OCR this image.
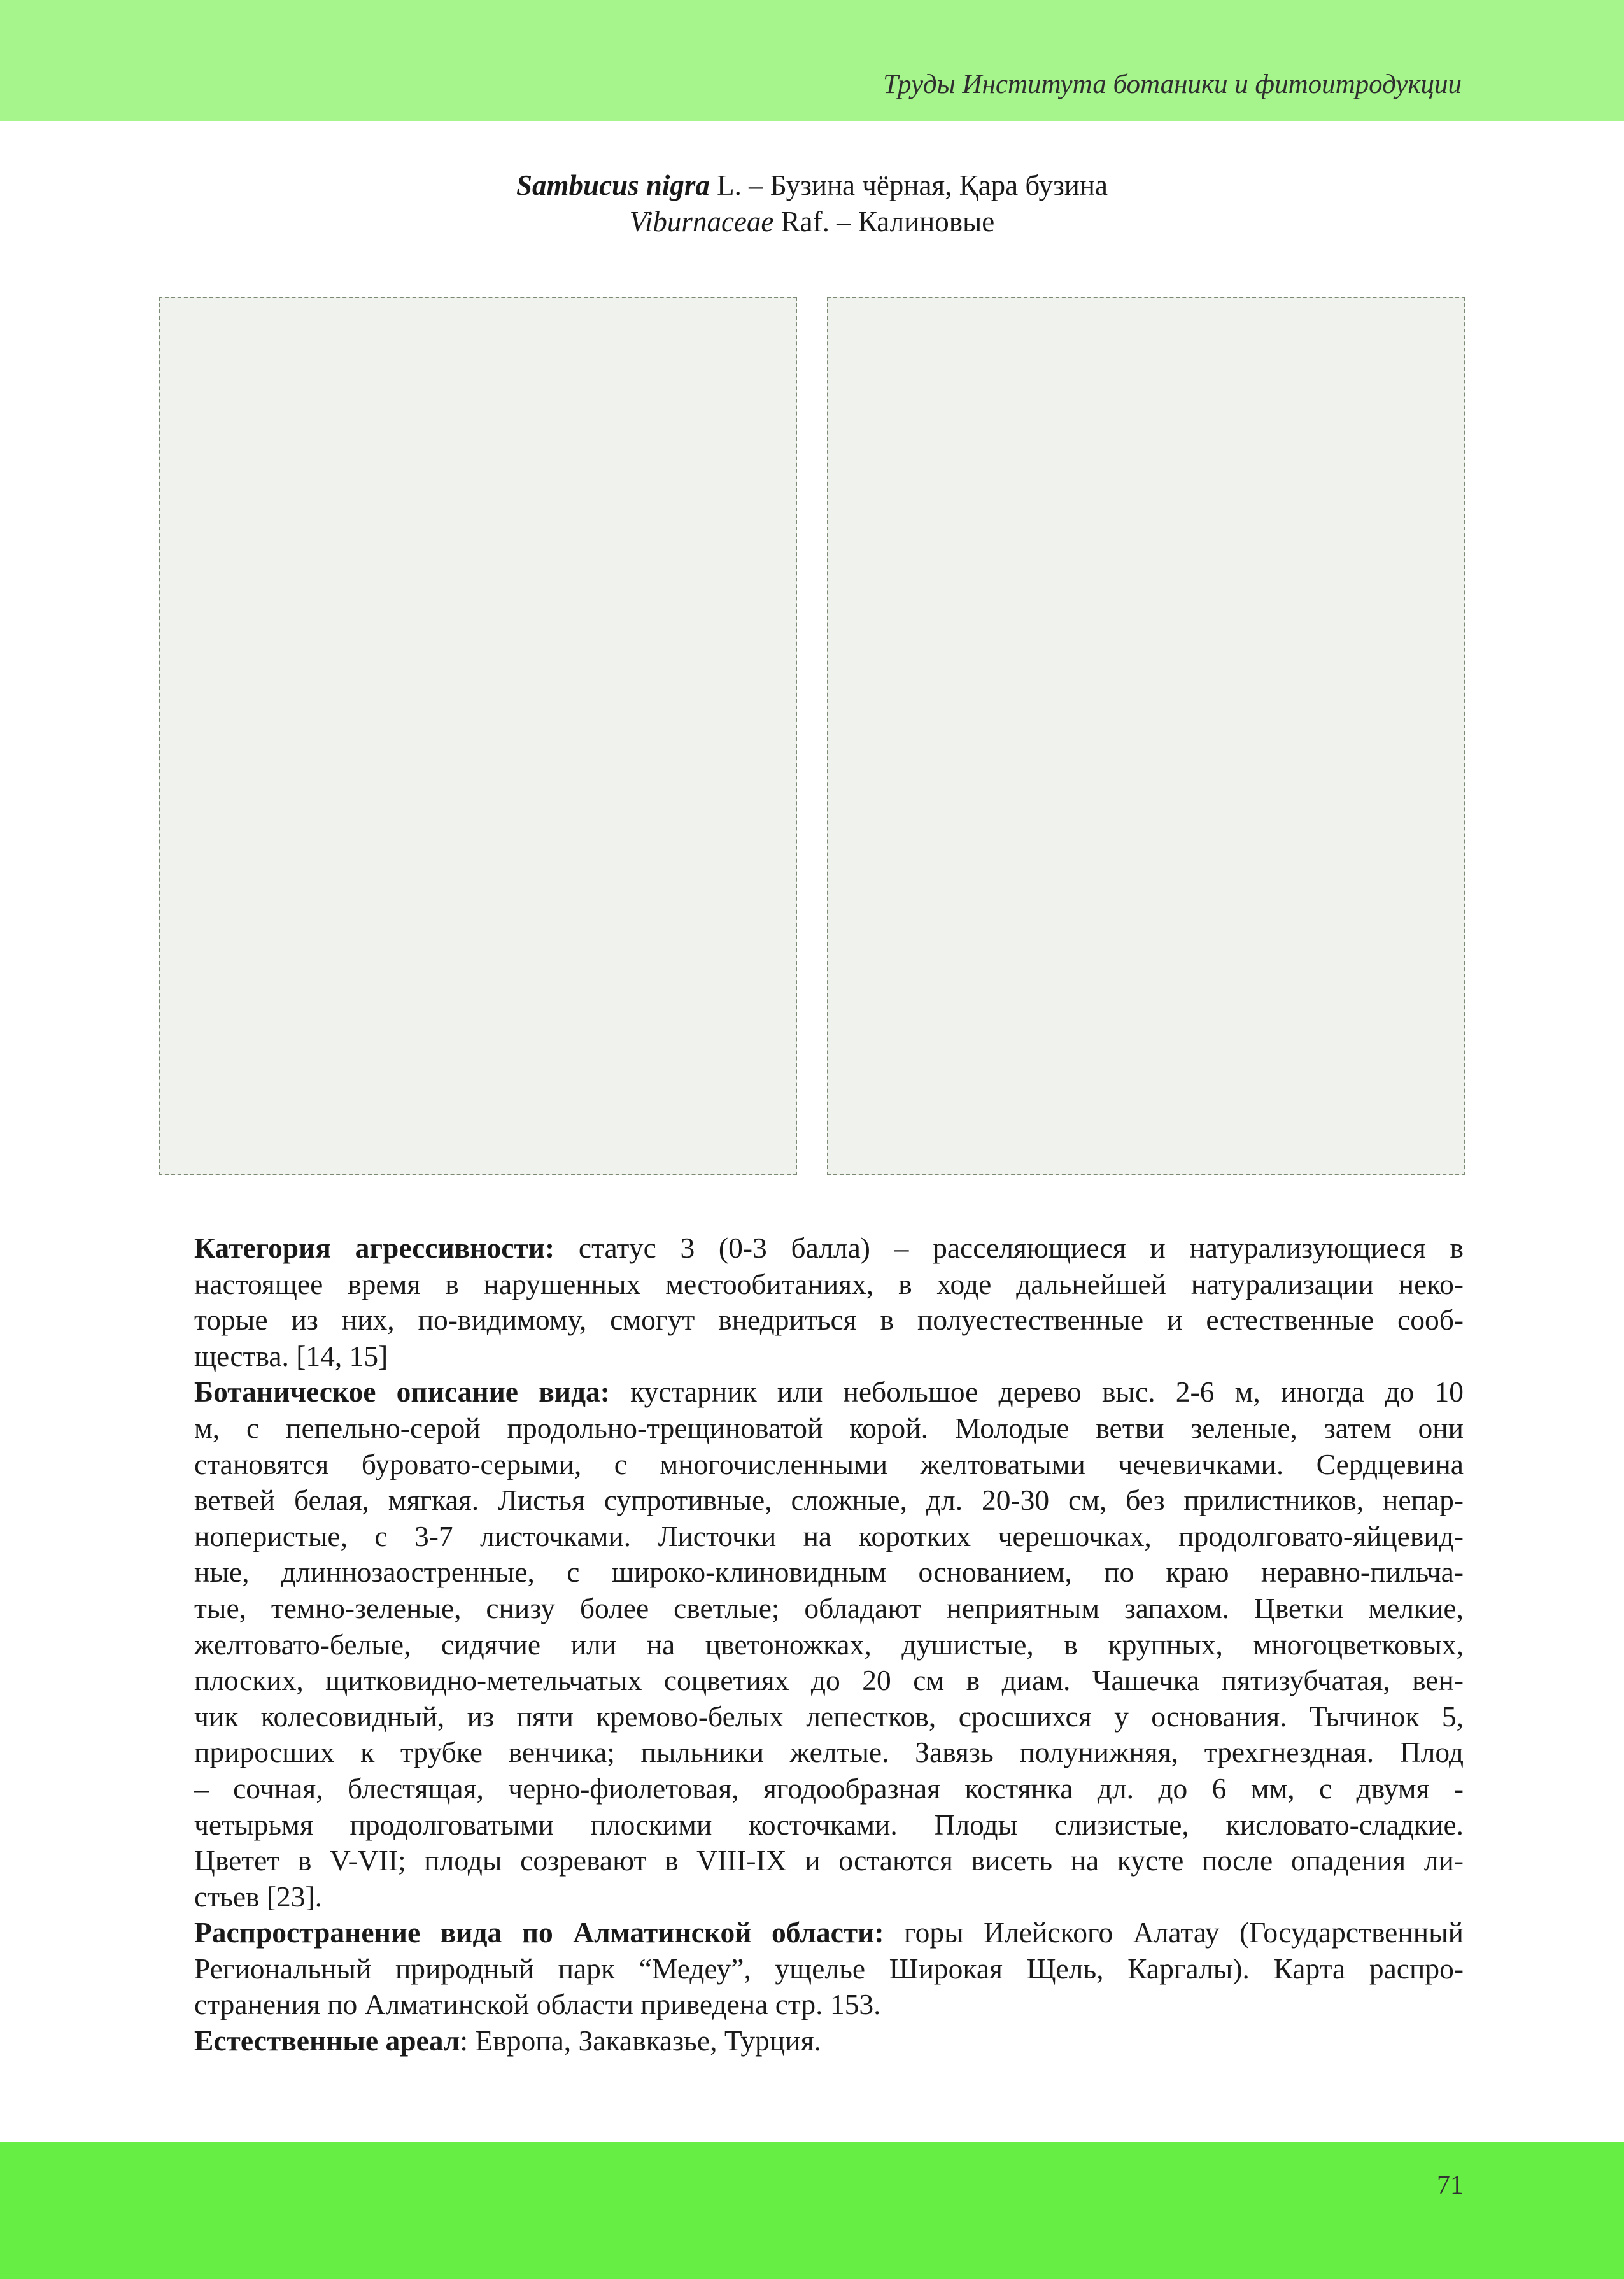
Труды Института ботаники и фитоитродукции
Sambucus nigra L. – Бузина чёрная, Қара бузина
Viburnaceae Raf. – Калиновые

Категория агрессивности: статус 3 (0-3 балла) – расселяющиеся и натурализующиеся в
настоящее время в нарушенных местообитаниях, в ходе дальнейшей натурализации неко-
торые из них, по-видимому, смогут внедриться в полуестественные и естественные сооб-
щества. [14, 15]

Ботаническое описание вида: кустарник или небольшое дерево выс. 2-6 м, иногда до 10
м, с пепельно-серой продольно-трещиноватой корой. Молодые ветви зеленые, затем они
становятся буровато-серыми, с многочисленными желтоватыми чечевичками. Сердцевина
ветвей белая, мягкая. Листья супротивные, сложные, дл. 20-30 см, без прилистников, непар-
ноперистые, с 3-7 листочками. Листочки на коротких черешочках, продолговато-яйцевид-
ные, длиннозаостренные, с широко-клиновидным основанием, по краю неравно-пильча-
тые, темно-зеленые, снизу более светлые; обладают неприятным запахом. Цветки мелкие,
желтовато-белые, сидячие или на цветоножках, душистые, в крупных, многоцветковых,
плоских, щитковидно-метельчатых соцветиях до 20 см в диам. Чашечка пятизубчатая, вен-
чик колесовидный, из пяти кремово-белых лепестков, сросшихся у основания. Тычинок 5,
приросших к трубке венчика; пыльники желтые. Завязь полунижняя, трехгнездная. Плод
– сочная, блестящая, черно-фиолетовая, ягодообразная костянка дл. до 6 мм, с двумя -
четырьмя продолговатыми плоскими косточками. Плоды слизистые, кисловато-сладкие.
Цветет в V-VII; плоды созревают в VIII-IX и остаются висеть на кусте после опадения ли-
стьев [23].

Распространение вида по Алматинской области: горы Илейского Алатау (Государственный
Региональный природный парк “Медеу”, ущелье Широкая Щель, Каргалы). Карта распро-
странения по Алматинской области приведена стр. 153.

Естественные ареал: Европа, Закавказье, Турция.

71
